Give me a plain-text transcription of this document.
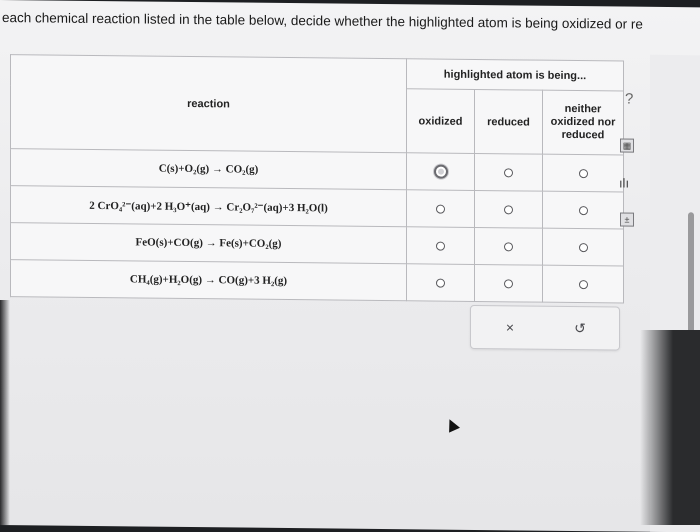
each chemical reaction listed in the table below, decide whether the highlighted atom is being oxidized or re
reaction	highlighted atom is being...		
	oxidized	reduced	neither oxidized nor reduced
C(s)+O₂(g) → CO₂(g)			
2 CrO₄²⁻(aq)+2 H₃O⁺(aq) → Cr₂O₇²⁻(aq)+3 H₂O(l)			
FeO(s)+CO(g) → Fe(s)+CO₂(g)			
CH₄(g)+H₂O(g) → CO(g)+3 H₂(g)			
?
▦
ılı
±
×	↺
